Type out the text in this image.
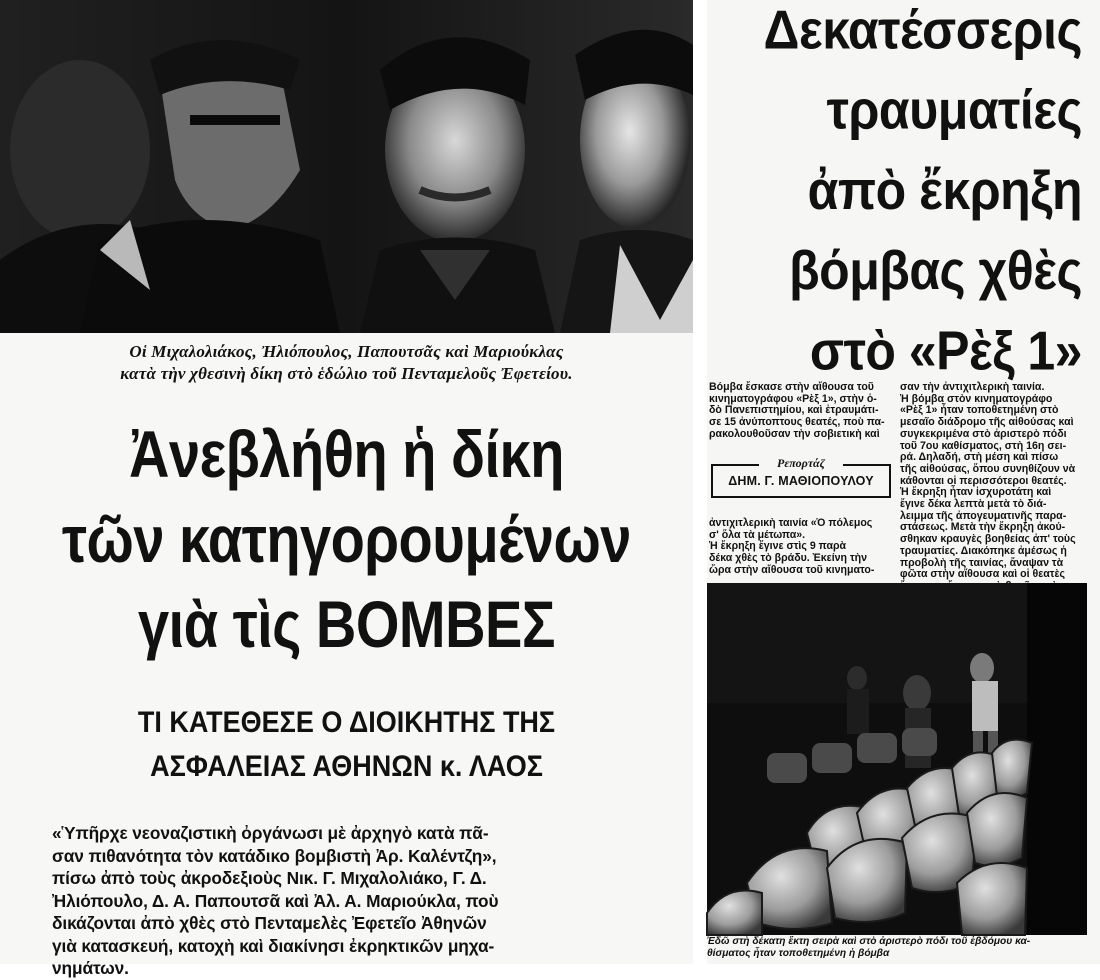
Οἱ Μιχαλολιάκος, Ἠλιόπουλος, Παπουτσᾶς καὶ Μαριούκλας
κατὰ τὴν χθεσινὴ δίκη στὸ ἑδώλιο τοῦ Πενταμελοῦς Ἐφετείου.
Ἀνεβλήθη ἡ δίκη
τῶν κατηγορουμένων
γιὰ τὶς ΒΟΜΒΕΣ
ΤΙ ΚΑΤΕΘΕΣΕ Ο ΔΙΟΙΚΗΤΗΣ ΤΗΣ
ΑΣΦΑΛΕΙΑΣ ΑΘΗΝΩΝ κ. ΛΑΟΣ
«Ὑπῆρχε νεοναζιστικὴ ὀργάνωσι μὲ ἀρχηγὸ κατὰ πᾶ-
σαν πιθανότητα τὸν κατάδικο βομβιστὴ Ἀρ. Καλέντζη»,
πίσω ἀπὸ τοὺς ἀκροδεξιοὺς Νικ. Γ. Μιχαλολιάκο, Γ. Δ.
Ἠλιόπουλο, Δ. Α. Παπουτσᾶ καὶ Ἀλ. Α. Μαριούκλα, ποὺ
δικάζονται ἀπὸ χθὲς στὸ Πενταμελὲς Ἐφετεῖο Ἀθηνῶν
γιὰ κατασκευή, κατοχὴ καὶ διακίνησι ἐκρηκτικῶν μηχα-
νημάτων.
Δεκατέσσερις
τραυματίες
ἀπὸ ἔκρηξη
βόμβας χθὲς
στὸ «Ρὲξ 1»
Βόμβα ἔσκασε στὴν αἴθουσα τοῦ
κινηματογράφου «Ρὲξ 1», στὴν ὁ-
δὸ Πανεπιστημίου, καὶ ἐτραυμάτι-
σε 15 ἀνύποπτους θεατές, ποὺ πα-
ρακολουθοῦσαν τὴν σοβιετικὴ καὶ
Ρεπορτάζ
ΔΗΜ. Γ. ΜΑΘΙΟΠΟΥΛΟΥ
ἀντιχιτλερικὴ ταινία «Ὁ πόλεμος
σ' ὅλα τὰ μέτωπα».
Ἡ ἔκρηξη ἔγινε στὶς 9 παρὰ
δέκα χθὲς τὸ βράδυ. Ἐκείνη τὴν
ὥρα στὴν αἴθουσα τοῦ κινηματο-
σαν τὴν ἀντιχιτλερικὴ ταινία.
Ἡ βόμβα στὸν κινηματογράφο
«Ρὲξ 1» ἦταν τοποθετημένη στὸ
μεσαῖο διάδρομο τῆς αἰθούσας καὶ
συγκεκριμένα στὸ ἀριστερὸ πόδι
τοῦ 7ου καθίσματος, στὴ 16η σει-
ρά. Δηλαδή, στὴ μέση καὶ πίσω
τῆς αἰθούσας, ὅπου συνηθίζουν νὰ
κάθονται οἱ περισσότεροι θεατές.
Ἡ ἔκρηξη ἦταν ἰσχυροτάτη καὶ
ἔγινε δέκα λεπτὰ μετὰ τὸ διά-
λειμμα τῆς ἀπογευματινῆς παρα-
στάσεως. Μετὰ τὴν ἔκρηξη ἀκού-
σθηκαν κραυγὲς βοηθείας ἀπ' τοὺς
τραυματίες. Διακόπηκε ἀμέσως ἡ
προβολὴ τῆς ταινίας, ἄναψαν τὰ
φῶτα στὴν αἴθουσα καὶ οἱ θεατὲς
Ἐδῶ στὴ δέκατη ἕκτη σειρὰ καὶ στὸ ἀριστερὸ πόδι τοῦ ἑβδόμου κα-
θίσματος ἦταν τοποθετημένη ἡ βόμβα
